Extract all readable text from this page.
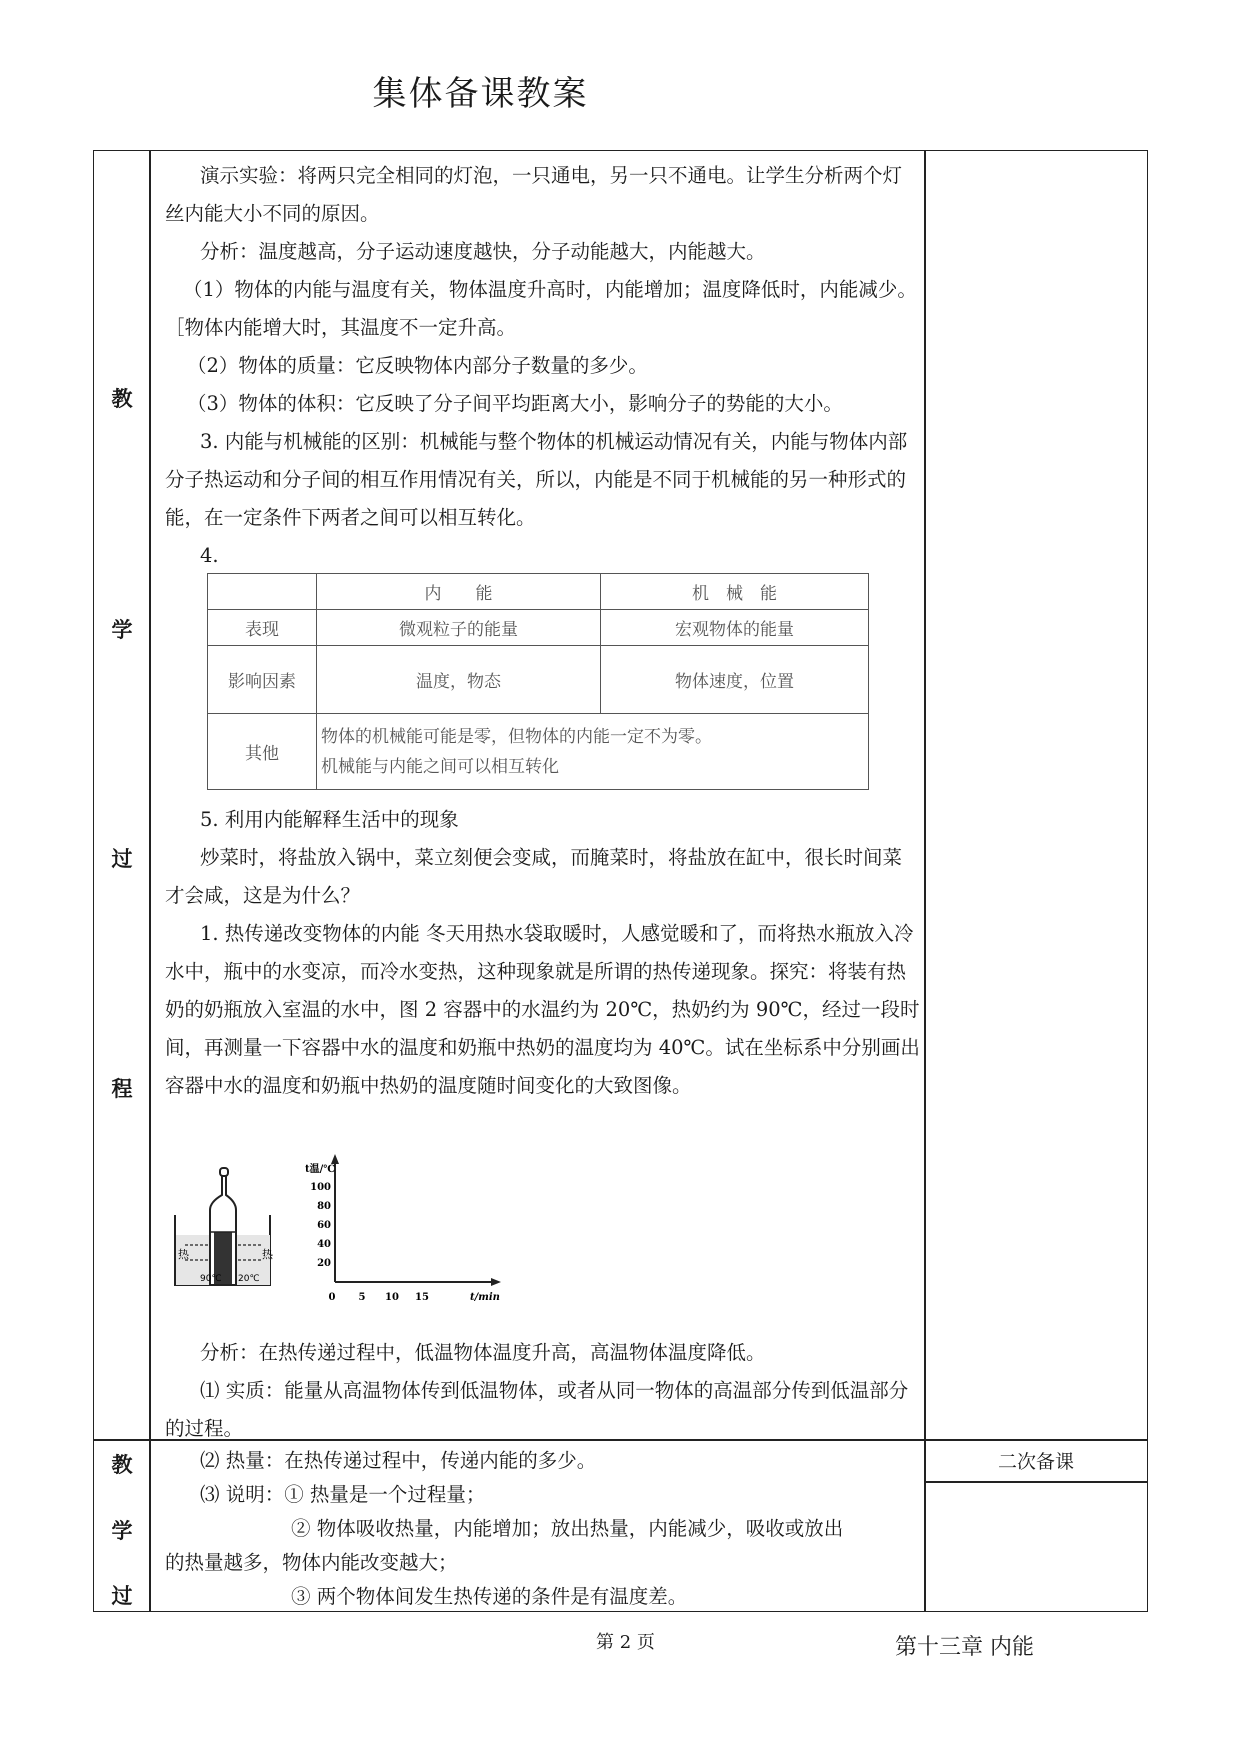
集体备课教案
教
学
过
程
教
学
过
演示实验：将两只完全相同的灯泡，一只通电，另一只不通电。让学生分析两个灯丝内能大小不同的原因。
分析：温度越高，分子运动速度越快，分子动能越大，内能越大。
（1）物体的内能与温度有关，物体温度升高时，内能增加；温度降低时，内能减少。［物体内能增大时，其温度不一定升高。
（2）物体的质量：它反映物体内部分子数量的多少。
（3）物体的体积：它反映了分子间平均距离大小，影响分子的势能的大小。
3. 内能与机械能的区别：机械能与整个物体的机械运动情况有关，内能与物体内部分子热运动和分子间的相互作用情况有关，所以，内能是不同于机械能的另一种形式的能，在一定条件下两者之间可以相互转化。
4.
	内　　能	机　械　能
表现	微观粒子的能量	宏观物体的能量
影响因素	温度，物态	物体速度，位置
其他	物体的机械能可能是零，但物体的内能一定不为零。
机械能与内能之间可以相互转化	
5. 利用内能解释生活中的现象
炒菜时，将盐放入锅中，菜立刻便会变咸，而腌菜时，将盐放在缸中，很长时间菜才会咸，这是为什么？
1. 热传递改变物体的内能 冬天用热水袋取暖时，人感觉暖和了，而将热水瓶放入冷水中，瓶中的水变凉，而冷水变热，这种现象就是所谓的热传递现象。探究：将装有热奶的奶瓶放入室温的水中，图 2 容器中的水温约为 20℃，热奶约为 90℃，经过一段时间，再测量一下容器中水的温度和奶瓶中热奶的温度均为 40℃。试在坐标系中分别画出容器中水的温度和奶瓶中热奶的温度随时间变化的大致图像。
热	热
90℃ 20℃
t温/℃
100
80
60
40
20
0 5 10 15	t/min
分析：在热传递过程中，低温物体温度升高，高温物体温度降低。
⑴ 实质：能量从高温物体传到低温物体，或者从同一物体的高温部分传到低温部分的过程。
⑵ 热量：在热传递过程中，传递内能的多少。
⑶ 说明：① 热量是一个过程量；
② 物体吸收热量，内能增加；放出热量，内能减少，吸收或放出
的热量越多，物体内能改变越大；
③ 两个物体间发生热传递的条件是有温度差。
二次备课
第 2 页	第十三章 内能
